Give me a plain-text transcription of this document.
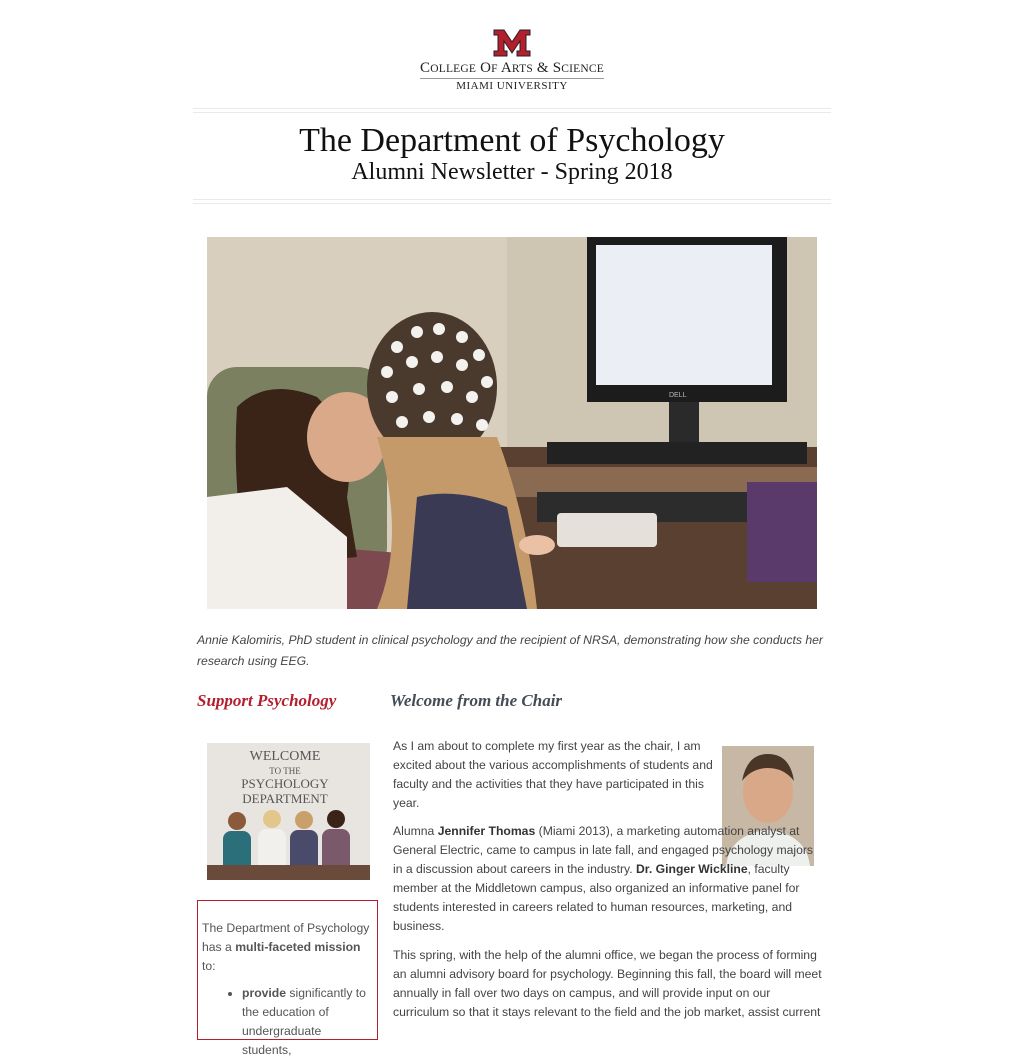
COLLEGE OF ARTS & SCIENCE
MIAMI UNIVERSITY
The Department of Psychology
Alumni Newsletter - Spring 2018
DELL
Annie Kalomiris, PhD student in clinical psychology and the recipient of NRSA, demonstrating how she conducts her research using EEG.
Support Psychology	Welcome from the Chair
WELCOME
TO THE
PSYCHOLOGY
DEPARTMENT
The Department of Psychology has a multi-faceted mission to:
• provide significantly to the education of undergraduate students,
As I am about to complete my first year as the chair, I am excited about the various accomplishments of students and faculty and the activities that they have participated in this year.
Alumna Jennifer Thomas (Miami 2013), a marketing automation analyst at General Electric, came to campus in late fall, and engaged psychology majors in a discussion about careers in the industry. Dr. Ginger Wickline, faculty member at the Middletown campus, also organized an informative panel for students interested in careers related to human resources, marketing, and business.
This spring, with the help of the alumni office, we began the process of forming an alumni advisory board for psychology. Beginning this fall, the board will meet annually in fall over two days on campus, and will provide input on our curriculum so that it stays relevant to the field and the job market, assist current
